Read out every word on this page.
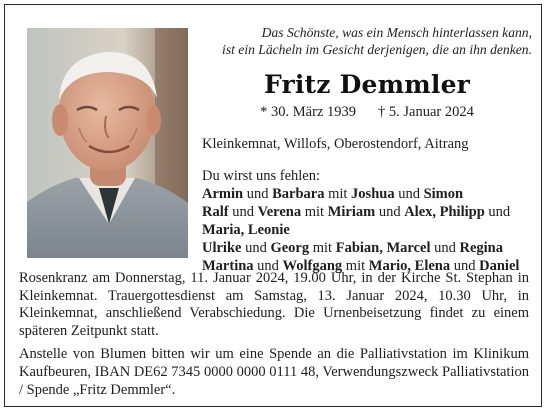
Das Schönste, was ein Mensch hinterlassen kann,
ist ein Lächeln im Gesicht derjenigen, die an ihn denken.

Fritz Demmler

* 30. März 1939 † 5. Januar 2024

Kleinkemnat, Willofs, Oberostendorf, Aitrang

Du wirst uns fehlen:
Armin und Barbara mit Joshua und Simon
Ralf und Verena mit Miriam und Alex, Philipp und
Maria, Leonie
Ulrike und Georg mit Fabian, Marcel und Regina
Martina und Wolfgang mit Mario, Elena und Daniel

Rosenkranz am Donnerstag, 11. Januar 2024, 19.00 Uhr, in der Kirche St. Stephan in Kleinkemnat. Trauergottesdienst am Samstag, 13. Januar 2024, 10.30 Uhr, in Kleinkemnat, anschließend Verabschiedung. Die Urnenbeisetzung findet zu einem späteren Zeitpunkt statt.

Anstelle von Blumen bitten wir um eine Spende an die Palliativstation im Klinikum Kaufbeuren, IBAN DE62 7345 0000 0000 0111 48, Verwendungszweck Palliativstation / Spende „Fritz Demmler“.
